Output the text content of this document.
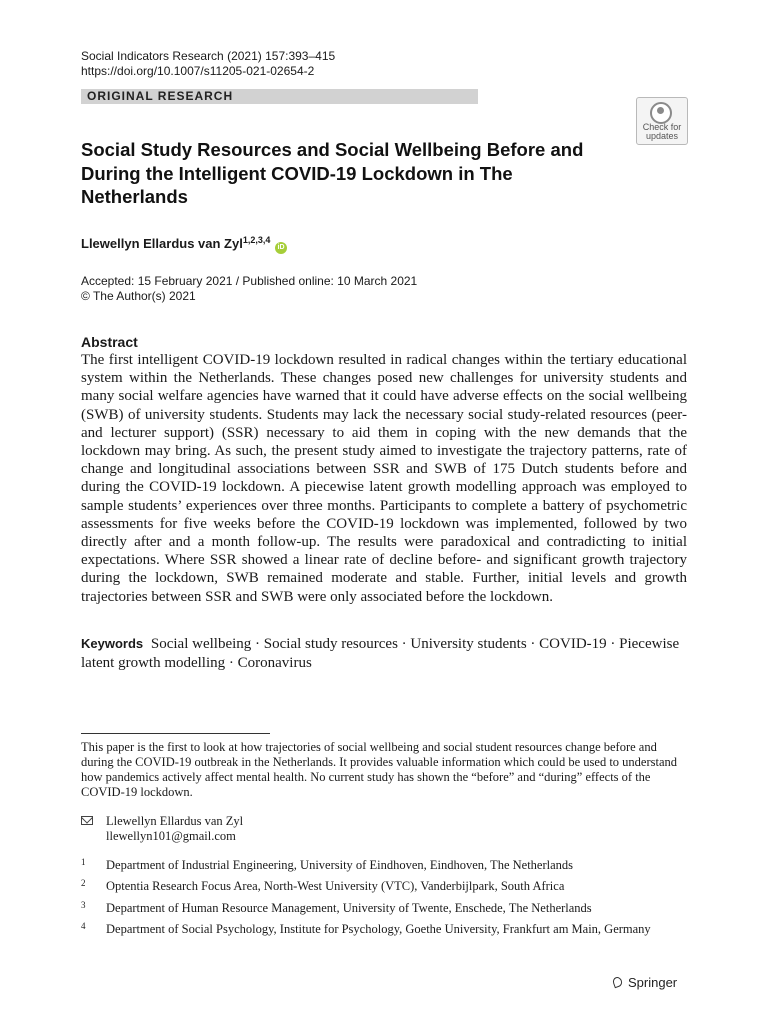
Social Indicators Research (2021) 157:393–415
https://doi.org/10.1007/s11205-021-02654-2
ORIGINAL RESEARCH
Check for
updates
Social Study Resources and Social Wellbeing Before and During the Intelligent COVID-19 Lockdown in The Netherlands
Llewellyn Ellardus van Zyl$^{1,2,3,4}$ iD
Accepted: 15 February 2021 / Published online: 10 March 2021
© The Author(s) 2021
Abstract
The first intelligent COVID-19 lockdown resulted in radical changes within the tertiary educational system within the Netherlands. These changes posed new challenges for university students and many social welfare agencies have warned that it could have adverse effects on the social wellbeing (SWB) of university students. Students may lack the necessary social study-related resources (peer- and lecturer support) (SSR) necessary to aid them in coping with the new demands that the lockdown may bring. As such, the present study aimed to investigate the trajectory patterns, rate of change and longitudinal associations between SSR and SWB of 175 Dutch students before and during the COVID-19 lockdown. A piecewise latent growth modelling approach was employed to sample students’ experiences over three months. Participants to complete a battery of psychometric assessments for five weeks before the COVID-19 lockdown was implemented, followed by two directly after and a month follow-up. The results were paradoxical and contradicting to initial expectations. Where SSR showed a linear rate of decline before- and significant growth trajectory during the lockdown, SWB remained moderate and stable. Further, initial levels and growth trajectories between SSR and SWB were only associated before the lockdown.
Keywords Social wellbeing · Social study resources · University students · COVID-19 · Piecewise latent growth modelling · Coronavirus
This paper is the first to look at how trajectories of social wellbeing and social student resources change before and during the COVID-19 outbreak in the Netherlands. It provides valuable information which could be used to understand how pandemics actively affect mental health. No current study has shown the “before” and “during” effects of the COVID-19 lockdown.
Llewellyn Ellardus van Zyl
llewellyn101@gmail.com
1 Department of Industrial Engineering, University of Eindhoven, Eindhoven, The Netherlands
2 Optentia Research Focus Area, North-West University (VTC), Vanderbijlpark, South Africa
3 Department of Human Resource Management, University of Twente, Enschede, The Netherlands
4 Department of Social Psychology, Institute for Psychology, Goethe University, Frankfurt am Main, Germany
Springer
